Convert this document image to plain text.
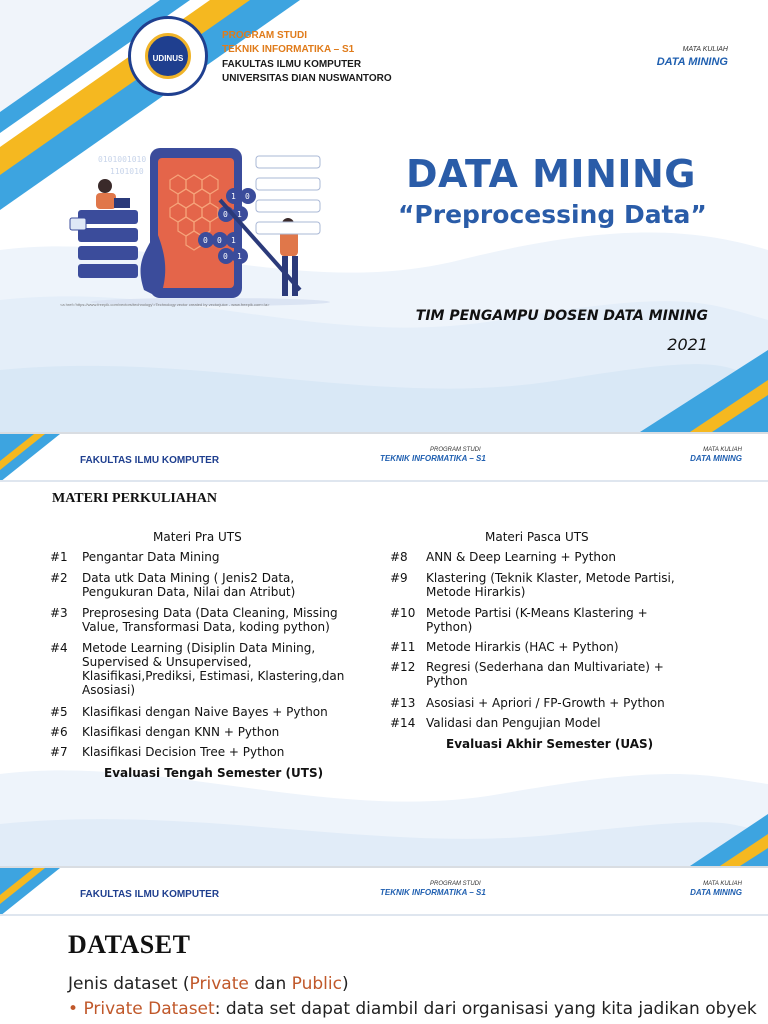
UDINUS
PROGRAM STUDI
TEKNIK INFORMATIKA – S1
FAKULTAS ILMU KOMPUTER
UNIVERSITAS DIAN NUSWANTORO
MATA KULIAH
DATA MINING
0101001010
1101010
1 0
0 1
0 0 1
0 1
<a href='https://www.freepik.com/vectors/technology'>Technology vector created by vectorjuice - www.freepik.com</a>
DATA MINING
“Preprocessing Data”
TIM PENGAMPU DOSEN DATA MINING
2021
FAKULTAS ILMU KOMPUTER
PROGRAM STUDI
TEKNIK INFORMATIKA – S1
MATA KULIAH
DATA MINING
MATERI PERKULIAHAN
Materi Pra UTS	Materi Pasca UTS
#1 Pengantar Data Mining
#2 Data utk Data Mining ( Jenis2 Data,
Pengukuran Data, Nilai dan Atribut)
#3 Preprosesing Data (Data Cleaning, Missing
Value, Transformasi Data, koding python)
#4 Metode Learning (Disiplin Data Mining,
Supervised & Unsupervised,
Klasifikasi,Prediksi, Estimasi, Klastering,dan
Asosiasi)
#5 Klasifikasi dengan Naive Bayes + Python
#6 Klasifikasi dengan KNN + Python
#7 Klasifikasi Decision Tree + Python
#8 ANN & Deep Learning + Python
#9 Klastering (Teknik Klaster, Metode Partisi,
Metode Hirarkis)
#10 Metode Partisi (K-Means Klastering +
Python)
#11 Metode Hirarkis (HAC + Python)
#12 Regresi (Sederhana dan Multivariate) +
Python
#13 Asosiasi + Apriori / FP-Growth + Python
#14 Validasi dan Pengujian Model
Evaluasi Tengah Semester (UTS)
Evaluasi Akhir Semester (UAS)
FAKULTAS ILMU KOMPUTER
PROGRAM STUDI
TEKNIK INFORMATIKA – S1
MATA KULIAH
DATA MINING
DATASET
Jenis dataset (Private dan Public)
• Private Dataset: data set dapat diambil dari organisasi yang kita jadikan obyek
